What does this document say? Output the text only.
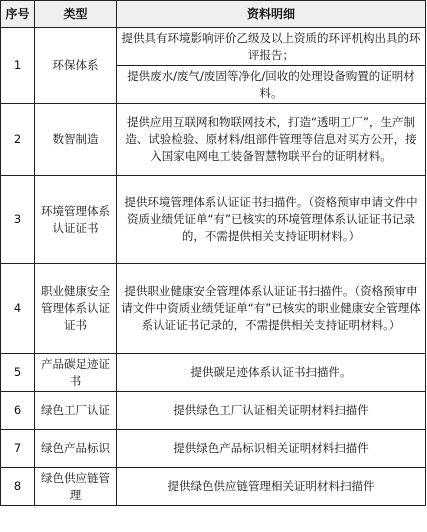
序号	类型	资料明细
1	环保体系	提供具有环境影响评价乙级及以上资质的环评机构出具的环评报告；
		提供废水/废气/废固等净化/回收的处理设备购置的证明材料。
2	数智制造	提供应用互联网和物联网技术，打造“透明工厂”，生产制造、试验检验、原材料/组部件管理等信息对买方公开，接入国家电网电工装备智慧物联平台的证明材料。
3	环境管理体系认证证书	提供环境管理体系认证证书扫描件。（资格预审申请文件中资质业绩凭证单“有”已核实的环境管理体系认证证书记录的，不需提供相关支持证明材料。）
4	职业健康安全管理体系认证证书	提供职业健康安全管理体系认证证书扫描件。（资格预审申请文件中资质业绩凭证单“有”已核实的职业健康安全管理体系认证证书记录的，不需提供相关支持证明材料。）
5	产品碳足迹证书	提供碳足迹体系认证书扫描件。
6	绿色工厂认证	提供绿色工厂认证相关证明材料扫描件
7	绿色产品标识	提供绿色产品标识相关证明材料扫描件
8	绿色供应链管理	提供绿色供应链管理相关证明材料扫描件
